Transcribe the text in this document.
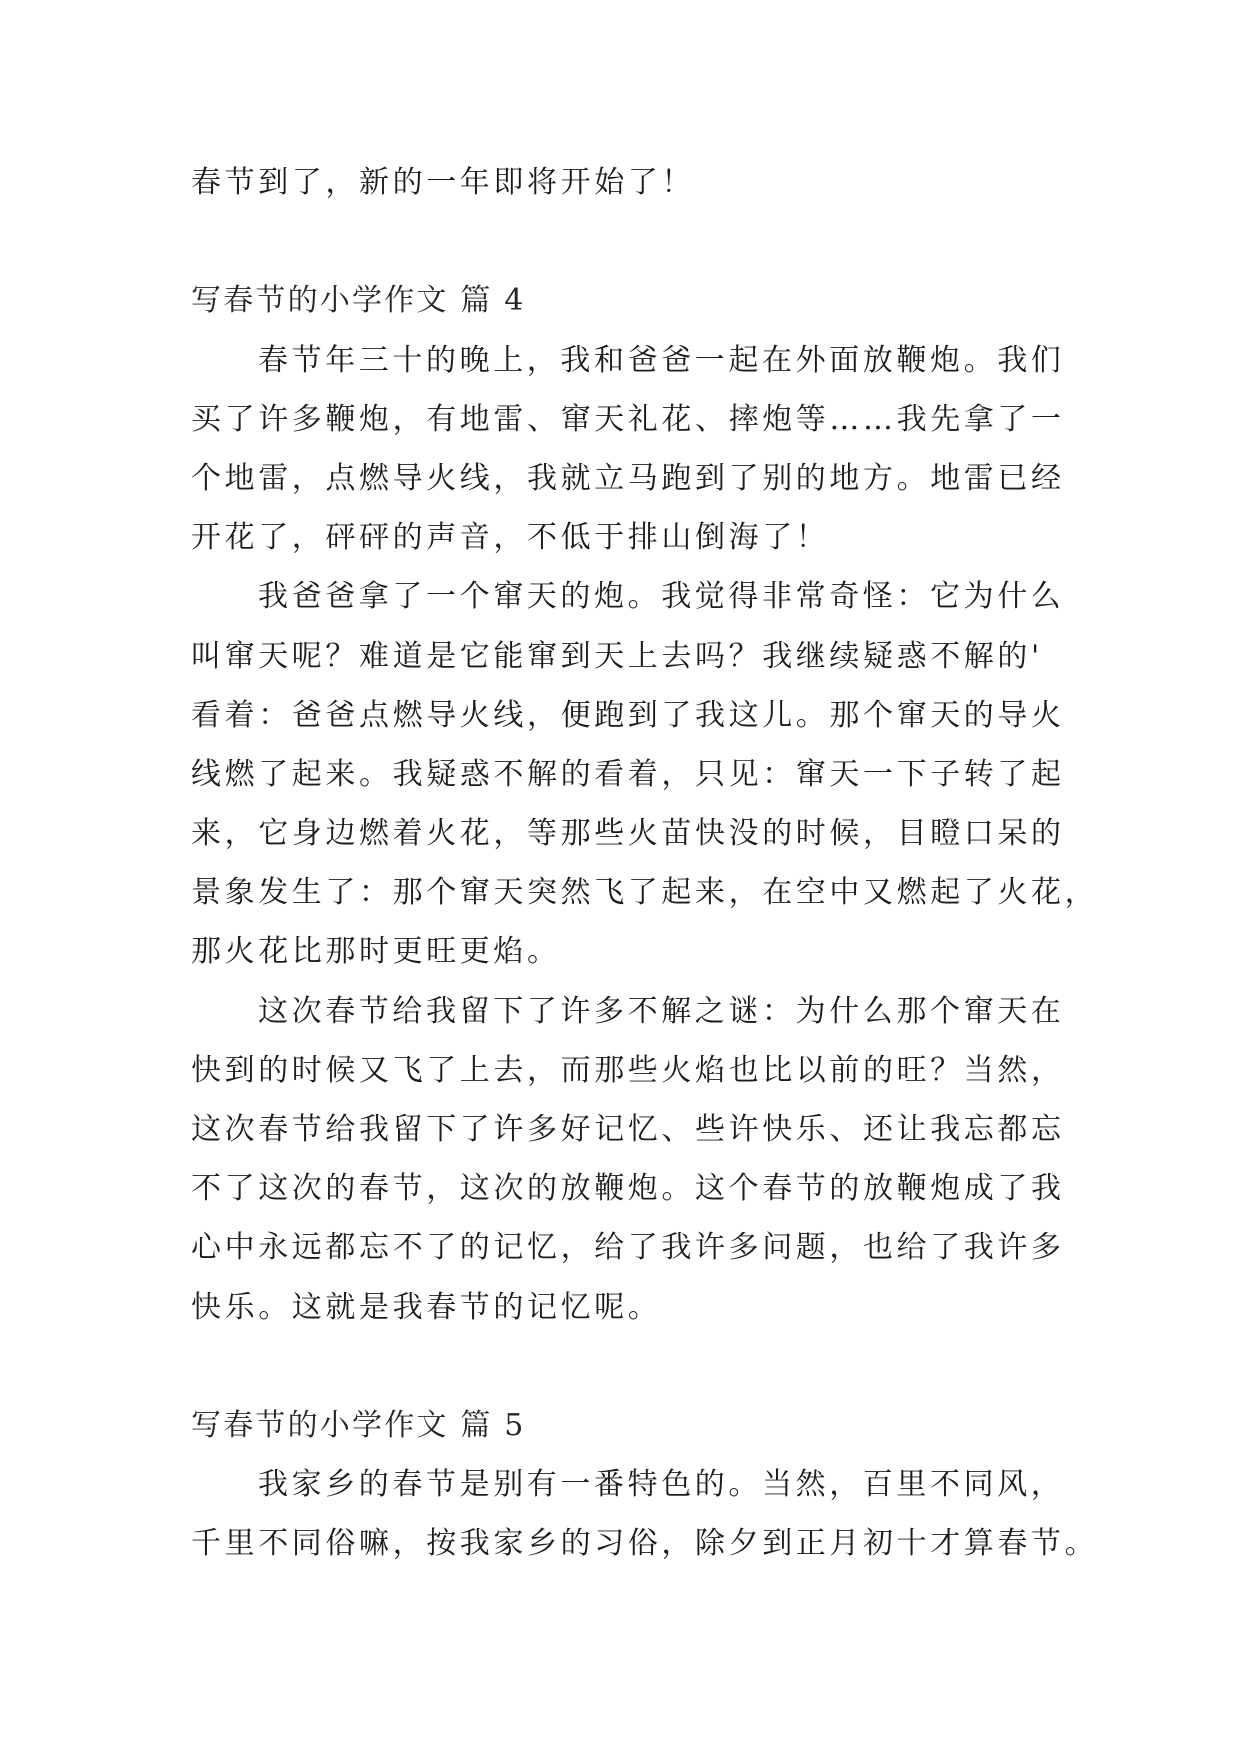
春节到了，新的一年即将开始了！
写春节的小学作文 篇 4
春节年三十的晚上，我和爸爸一起在外面放鞭炮。我们
买了许多鞭炮，有地雷、窜天礼花、摔炮等……我先拿了一
个地雷，点燃导火线，我就立马跑到了别的地方。地雷已经
开花了，砰砰的声音，不低于排山倒海了！
我爸爸拿了一个窜天的炮。我觉得非常奇怪：它为什么
叫窜天呢？难道是它能窜到天上去吗？我继续疑惑不解的'
看着：爸爸点燃导火线，便跑到了我这儿。那个窜天的导火
线燃了起来。我疑惑不解的看着，只见：窜天一下子转了起
来，它身边燃着火花，等那些火苗快没的时候，目瞪口呆的
景象发生了：那个窜天突然飞了起来，在空中又燃起了火花，
那火花比那时更旺更焰。
这次春节给我留下了许多不解之谜：为什么那个窜天在
快到的时候又飞了上去，而那些火焰也比以前的旺？当然，
这次春节给我留下了许多好记忆、些许快乐、还让我忘都忘
不了这次的春节，这次的放鞭炮。这个春节的放鞭炮成了我
心中永远都忘不了的记忆，给了我许多问题，也给了我许多
快乐。这就是我春节的记忆呢。
写春节的小学作文 篇 5
我家乡的春节是别有一番特色的。当然，百里不同风，
千里不同俗嘛，按我家乡的习俗，除夕到正月初十才算春节。
